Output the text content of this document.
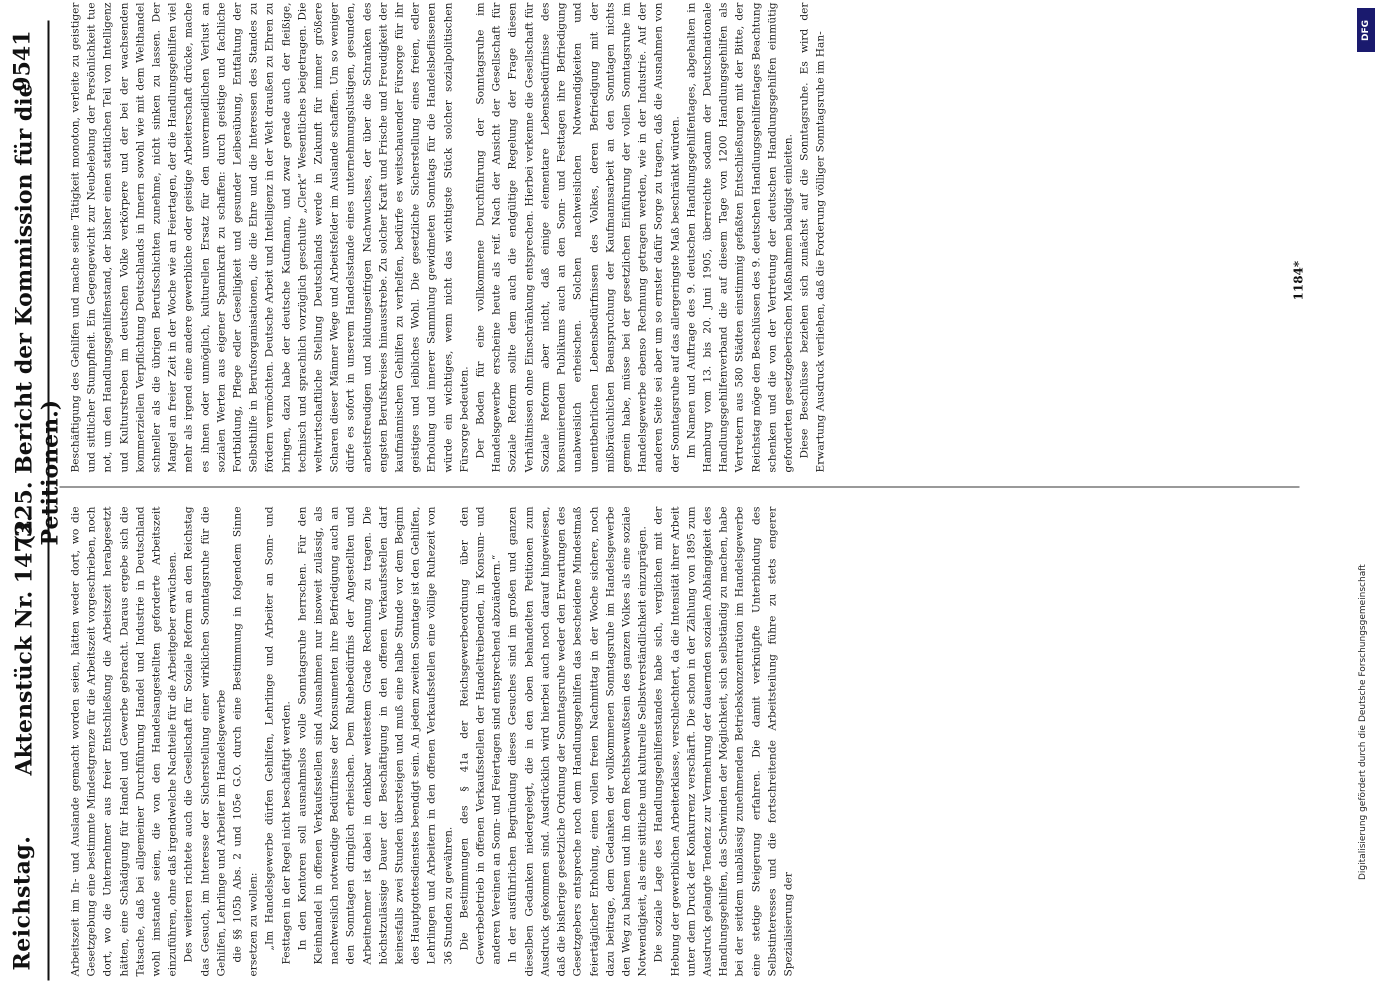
Reichstag.
Aktenstück Nr. 1473.
(225. Bericht der Kommission für die Petitionen.)
9541

Arbeitszeit im In- und Auslande gemacht worden seien, hätten weder dort, wo die Gesetzgebung eine bestimmte Mindestgrenze für die Arbeitszeit vorgeschrieben, noch dort, wo die Unternehmer aus freier Entschließung die Arbeitszeit herabgesetzt hätten, eine Schädigung für Handel und Gewerbe gebracht. Daraus ergebe sich die Tatsache, daß bei allgemeiner Durchführung Handel und Industrie in Deutschland wohl imstande seien, die von den Handelsangestellten geforderte Arbeitszeit einzuführen, ohne daß irgendwelche Nachteile für die Arbeitgeber erwüchsen. Des weiteren richtete auch die Gesellschaft für Soziale Reform an den Reichstag das Gesuch, im Interesse der Sicherstellung einer wirklichen Sonntagsruhe für die Gehilfen, Lehrlinge und Arbeiter im Handelsgewerbe die §§ 105b Abs. 2 und 105e G.O. durch eine Bestimmung in folgendem Sinne ersetzen zu wollen: „Im Handelsgewerbe dürfen Gehilfen, Lehrlinge und Arbeiter an Sonn- und Festtagen in der Regel nicht beschäftigt werden. In den Kontoren soll ausnahmslos volle Sonntagsruhe herrschen. Für den Kleinhandel in offenen Verkaufsstellen sind Ausnahmen nur insoweit zulässig, als nachweislich notwendige Bedürfnisse der Konsumenten ihre Befriedigung auch an den Sonntagen dringlich erheischen. Dem Ruhebedürfnis der Angestellten und Arbeitnehmer ist dabei in denkbar weitestem Grade Rechnung zu tragen. Die höchstzulässige Dauer der Beschäftigung in den offenen Verkaufsstellen darf keinesfalls zwei Stunden übersteigen und muß eine halbe Stunde vor dem Beginn des Hauptgottesdienstes beendigt sein. An jedem zweiten Sonntage ist den Gehilfen, Lehrlingen und Arbeitern in den offenen Verkaufsstellen eine völlige Ruhezeit von 36 Stunden zu gewähren. Die Bestimmungen des § 41a der Reichsgewerbeordnung über den Gewerbebetrieb in offenen Verkaufsstellen der Handeltreibenden, in Konsum- und anderen Vereinen an Sonn- und Feiertagen sind entsprechend abzuändern.“ In der ausführlichen Begründung dieses Gesuches sind im großen und ganzen dieselben Gedanken niedergelegt, die in den oben behandelten Petitionen zum Ausdruck gekommen sind. Ausdrücklich wird hierbei auch noch darauf hingewiesen, daß die bisherige gesetzliche Ordnung der Sonntagsruhe weder den Erwartungen des Gesetzgebers entspreche noch dem Handlungsgehilfen das bescheidene Mindestmaß feiertäglicher Erholung, einen vollen freien Nachmittag in der Woche sichere, noch dazu beitrage, dem Gedanken der vollkommenen Sonntagsruhe im Handelsgewerbe den Weg zu bahnen und ihn dem Rechtsbewußtsein des ganzen Volkes als eine soziale Notwendigkeit, als eine sittliche und kulturelle Selbstverständlichkeit einzuprägen. Die soziale Lage des Handlungsgehilfenstandes habe sich, verglichen mit der Hebung der gewerblichen Arbeiterklasse, verschlechtert, da die Intensität ihrer Arbeit unter dem Druck der Konkurrenz verschärft. Die schon in der Zählung von 1895 zum Ausdruck gelangte Tendenz zur Vermehrung der dauernden sozialen Abhängigkeit des Handlungsgehilfen, das Schwinden der Möglichkeit, sich selbständig zu machen, habe bei der seitdem unablässig zunehmenden Betriebskonzentration im Handelsgewerbe eine stetige Steigerung erfahren. Die damit verknüpfte Unterbindung des Selbstinteresses und die fortschreitende Arbeitsteilung führe zu stets engerer Spezialisierung der

Beschäftigung des Gehilfen und mache seine Tätigkeit monoton, verleite zu geistiger und sittlicher Stumpfheit. Ein Gegengewicht zur Neubelebung der Persönlichkeit tue not, um den Handlungsgehilfenstand, der bisher einen stattlichen Teil von Intelligenz und Kulturstreben im deutschen Volke verkörpere und der bei der wachsenden kommerziellen Verpflichtung Deutschlands in Innern sowohl wie mit dem Welthandel schneller als die übrigen Berufsschichten zunehme, nicht sinken zu lassen. Der Mangel an freier Zeit in der Woche wie an Feiertagen, der die Handlungsgehilfen viel mehr als irgend eine andere gewerbliche oder geistige Arbeiterschaft drücke, mache es ihnen oder unmöglich, kulturellen Ersatz für den unvermeidlichen Verlust an sozialen Werten aus eigener Spannkraft zu schaffen: durch geistige und fachliche Fortbildung, Pflege edler Geselligkeit und gesunder Leibesübung, Entfaltung der Selbsthilfe in Berufsorganisationen, die die Ehre und die Interessen des Standes zu fördern vermöchten. Deutsche Arbeit und Intelligenz in der Welt draußen zu Ehren zu bringen, dazu habe der deutsche Kaufmann, und zwar gerade auch der fleißige, technisch und sprachlich vorzüglich geschulte „Clerk“ Wesentliches beigetragen. Die weltwirtschaftliche Stellung Deutschlands werde in Zukunft für immer größere Scharen dieser Männer Wege und Arbeitsfelder im Auslande schaffen. Um so weniger dürfe es sofort in unserem Handelsstande eines unternehmungslustigen, gesunden, arbeitsfreudigen und bildungseifrigen Nachwuchses, der über die Schranken des engsten Berufskreises hinausstrebe. Zu solcher Kraft und Frische und Freudigkeit der kaufmännischen Gehilfen zu verhelfen, bedürfe es weitschauender Fürsorge für ihr geistiges und leibliches Wohl. Die gesetzliche Sicherstellung eines freien, edler Erholung und innerer Sammlung gewidmeten Sonntags für die Handelsbeflissenen würde ein wichtiges, wenn nicht das wichtigste Stück solcher sozialpolitischen Fürsorge bedeuten. Der Boden für eine vollkommene Durchführung der Sonntagsruhe im Handelsgewerbe erscheine heute als reif. Nach der Ansicht der Gesellschaft für Soziale Reform sollte dem auch die endgültige Regelung der Frage diesen Verhältnissen ohne Einschränkung entsprechen. Hierbei verkenne die Gesellschaft für Soziale Reform aber nicht, daß einige elementare Lebensbedürfnisse des konsumierenden Publikums auch an den Sonn- und Festtagen ihre Befriedigung unabweislich erheischen. Solchen nachweislichen Notwendigkeiten und unentbehrlichen Lebensbedürfnissen des Volkes, deren Befriedigung mit der mißbräuchlichen Beanspruchung der Kaufmannsarbeit an den Sonntagen nichts gemein habe, müsse bei der gesetzlichen Einführung der vollen Sonntagsruhe im Handelsgewerbe ebenso Rechnung getragen werden, wie in der Industrie. Auf der anderen Seite sei aber um so ernster dafür Sorge zu tragen, daß die Ausnahmen von der Sonntagsruhe auf das allergeringste Maß beschränkt würden. Im Namen und Auftrage des 9. deutschen Handlungsgehilfentages, abgehalten in Hamburg vom 13. bis 20. Juni 1905, überreichte sodann der Deutschnationale Handlungsgehilfenverband die auf diesem Tage von 1200 Handlungsgehilfen als Vertretern aus 580 Städten einstimmig gefaßten Entschließungen mit der Bitte, der Reichstag möge den Beschlüssen des 9. deutschen Handlungsgehilfentages Beachtung schenken und die von der Vertretung der deutschen Handlungsgehilfen einmütig geforderten gesetzgeberischen Maßnahmen baldigst einleiten. Diese Beschlüsse beziehen sich zunächst auf die Sonntagsruhe. Es wird der Erwartung Ausdruck verliehen, daß die Forderung völliger Sonntagsruhe im Han-	1184*
DFG
Digitalisierung gefördert durch die Deutsche Forschungsgemeinschaft
